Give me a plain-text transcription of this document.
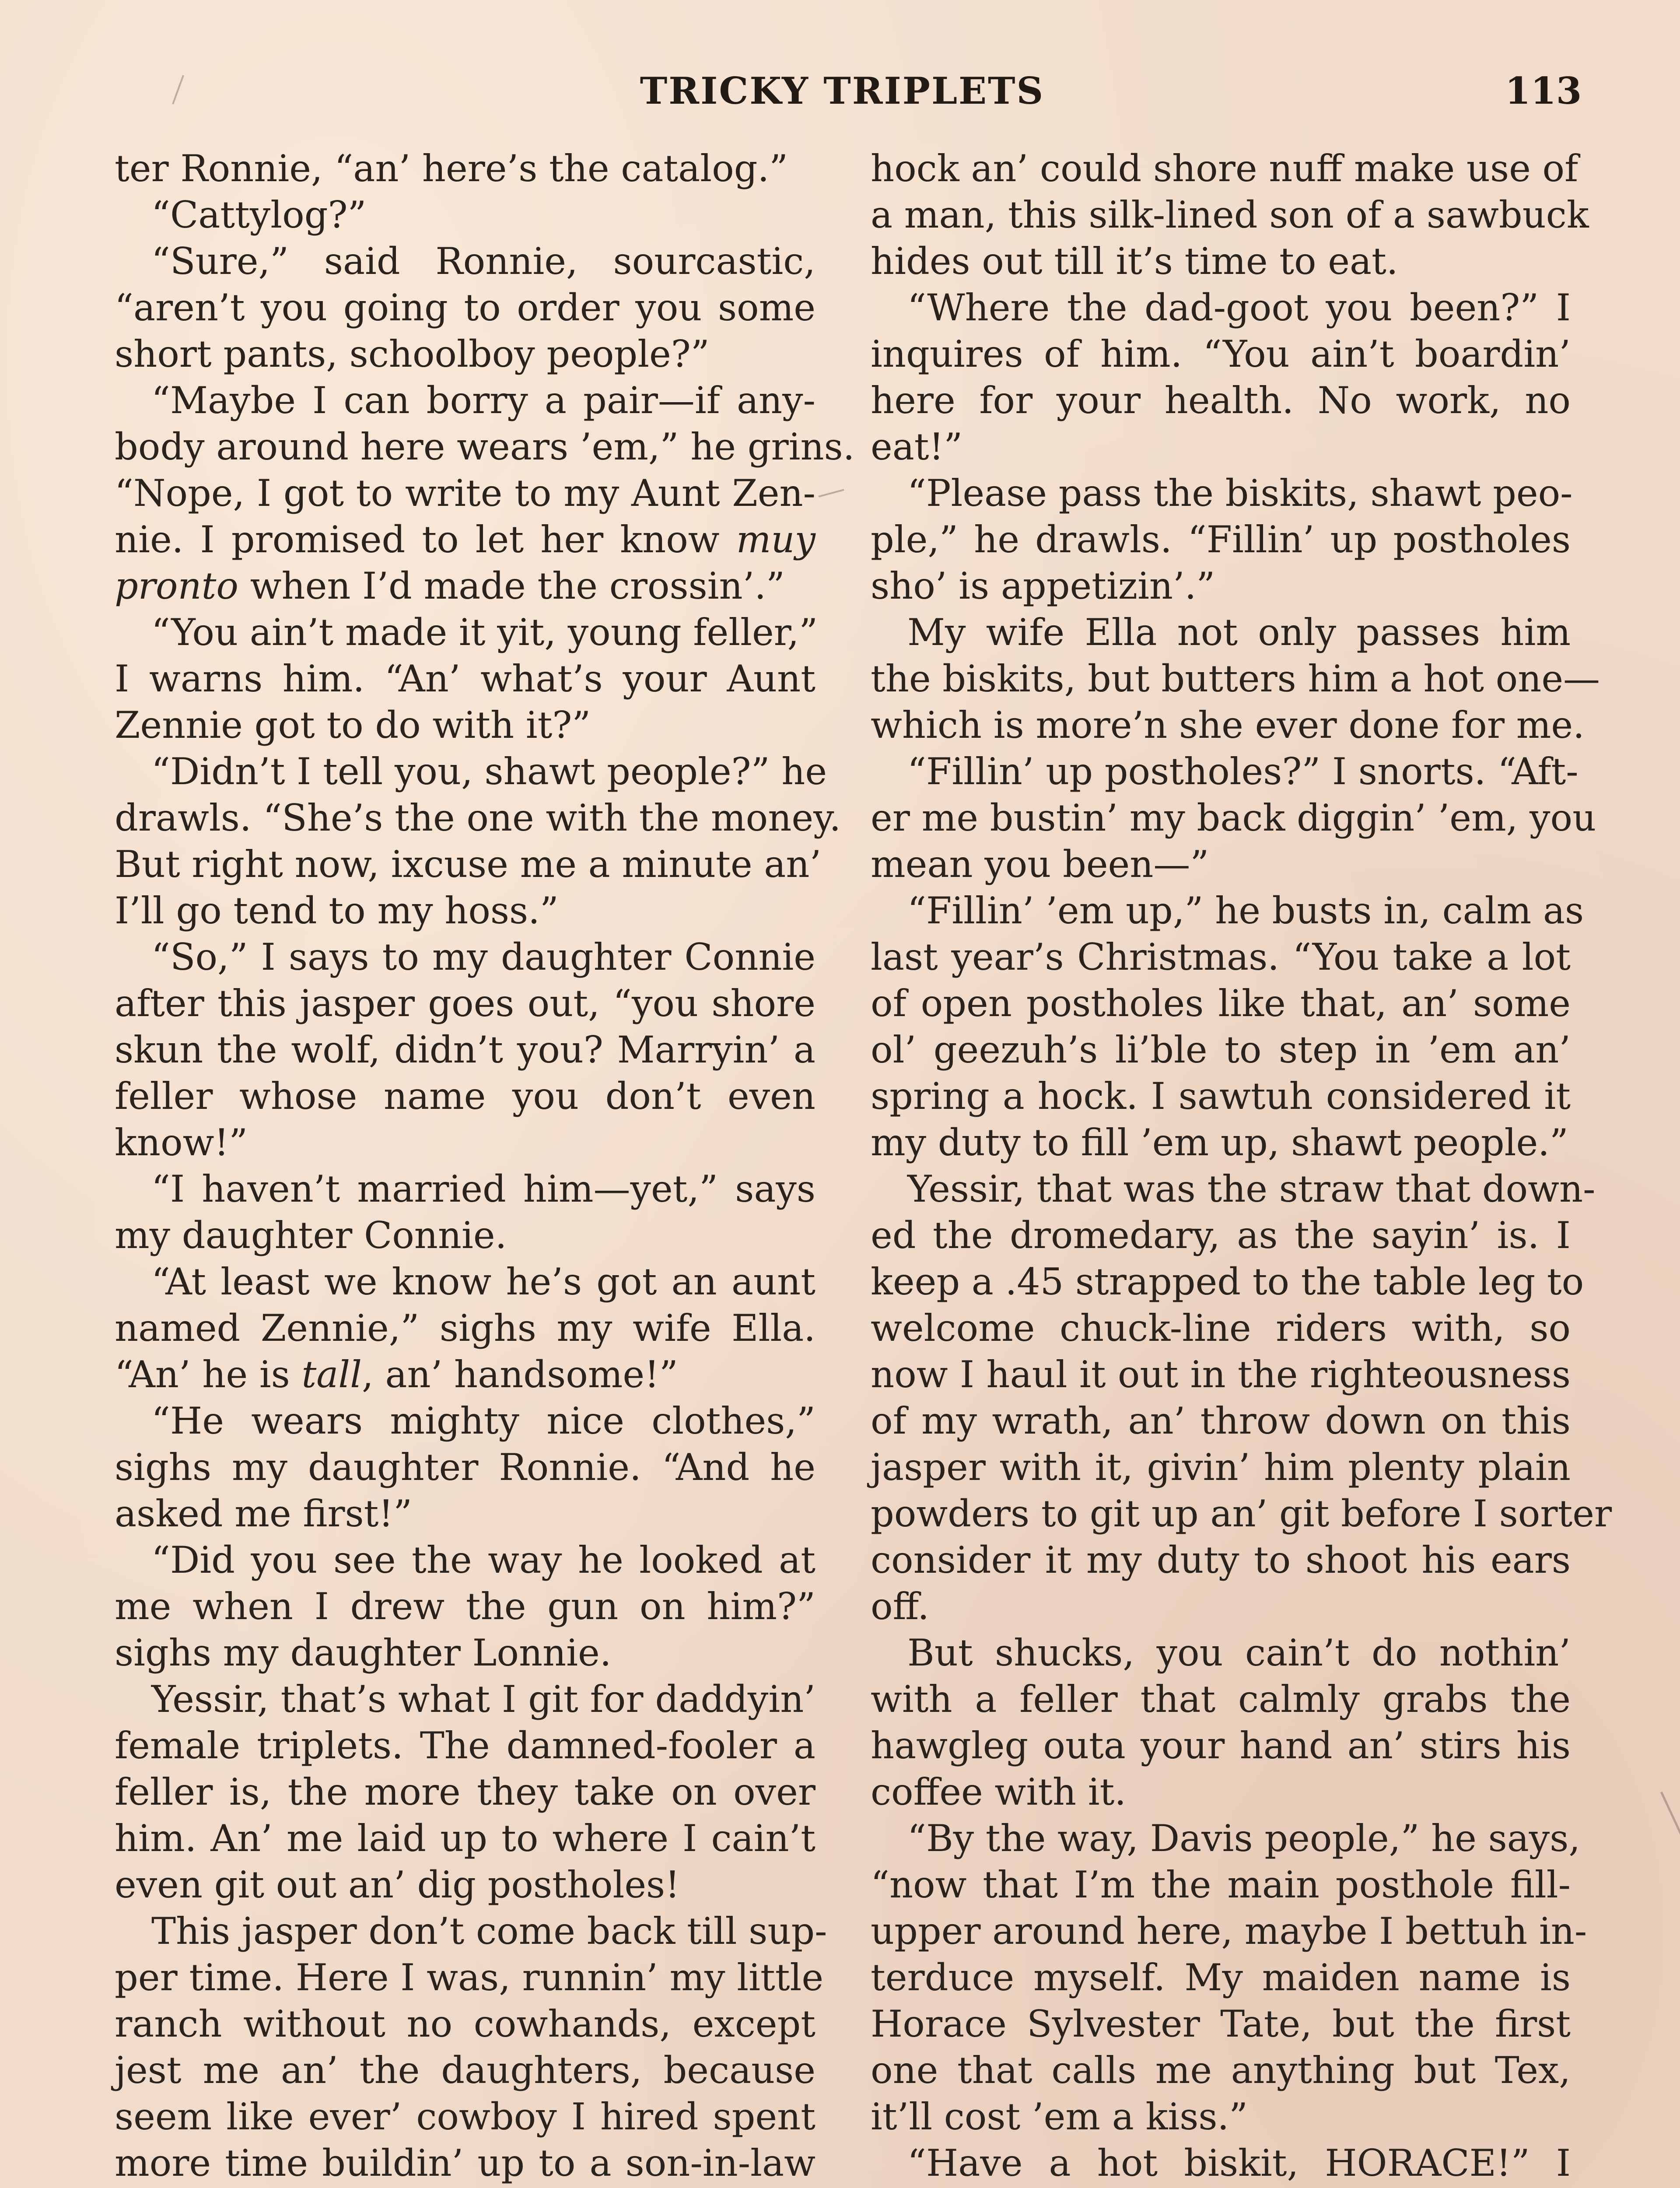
TRICKY TRIPLETS	113
ter Ronnie, “an’ here’s the catalog.”
“Cattylog?”
“Sure,” said Ronnie, sourcastic,
“aren’t you going to order you some
short pants, schoolboy people?”
“Maybe I can borry a pair—if any-
body around here wears ’em,” he grins.
“Nope, I got to write to my Aunt Zen-
nie. I promised to let her know muy
pronto when I’d made the crossin’.”
“You ain’t made it yit, young feller,”
I warns him. “An’ what’s your Aunt
Zennie got to do with it?”
“Didn’t I tell you, shawt people?” he
drawls. “She’s the one with the money.
But right now, ixcuse me a minute an’
I’ll go tend to my hoss.”
“So,” I says to my daughter Connie
after this jasper goes out, “you shore
skun the wolf, didn’t you? Marryin’ a
feller whose name you don’t even
know!”
“I haven’t married him—yet,” says
my daughter Connie.
“At least we know he’s got an aunt
named Zennie,” sighs my wife Ella.
“An’ he is tall, an’ handsome!”
“He wears mighty nice clothes,”
sighs my daughter Ronnie. “And he
asked me first!”
“Did you see the way he looked at
me when I drew the gun on him?”
sighs my daughter Lonnie.
Yessir, that’s what I git for daddyin’
female triplets. The damned-fooler a
feller is, the more they take on over
him. An’ me laid up to where I cain’t
even git out an’ dig postholes!
This jasper don’t come back till sup-
per time. Here I was, runnin’ my little
ranch without no cowhands, except
jest me an’ the daughters, because
seem like ever’ cowboy I hired spent
more time buildin’ up to a son-in-law
hock an’ could shore nuff make use of
a man, this silk-lined son of a sawbuck
hides out till it’s time to eat.
“Where the dad-goot you been?” I
inquires of him. “You ain’t boardin’
here for your health. No work, no
eat!”
“Please pass the biskits, shawt peo-
ple,” he drawls. “Fillin’ up postholes
sho’ is appetizin’.”
My wife Ella not only passes him
the biskits, but butters him a hot one—
which is more’n she ever done for me.
“Fillin’ up postholes?” I snorts. “Aft-
er me bustin’ my back diggin’ ’em, you
mean you been—”
“Fillin’ ’em up,” he busts in, calm as
last year’s Christmas. “You take a lot
of open postholes like that, an’ some
ol’ geezuh’s li’ble to step in ’em an’
spring a hock. I sawtuh considered it
my duty to fill ’em up, shawt people.”
Yessir, that was the straw that down-
ed the dromedary, as the sayin’ is. I
keep a .45 strapped to the table leg to
welcome chuck-line riders with, so
now I haul it out in the righteousness
of my wrath, an’ throw down on this
jasper with it, givin’ him plenty plain
powders to git up an’ git before I sorter
consider it my duty to shoot his ears
off.
But shucks, you cain’t do nothin’
with a feller that calmly grabs the
hawgleg outa your hand an’ stirs his
coffee with it.
“By the way, Davis people,” he says,
“now that I’m the main posthole fill-
upper around here, maybe I bettuh in-
terduce myself. My maiden name is
Horace Sylvester Tate, but the first
one that calls me anything but Tex,
it’ll cost ’em a kiss.”
“Have a hot biskit, HORACE!” I
